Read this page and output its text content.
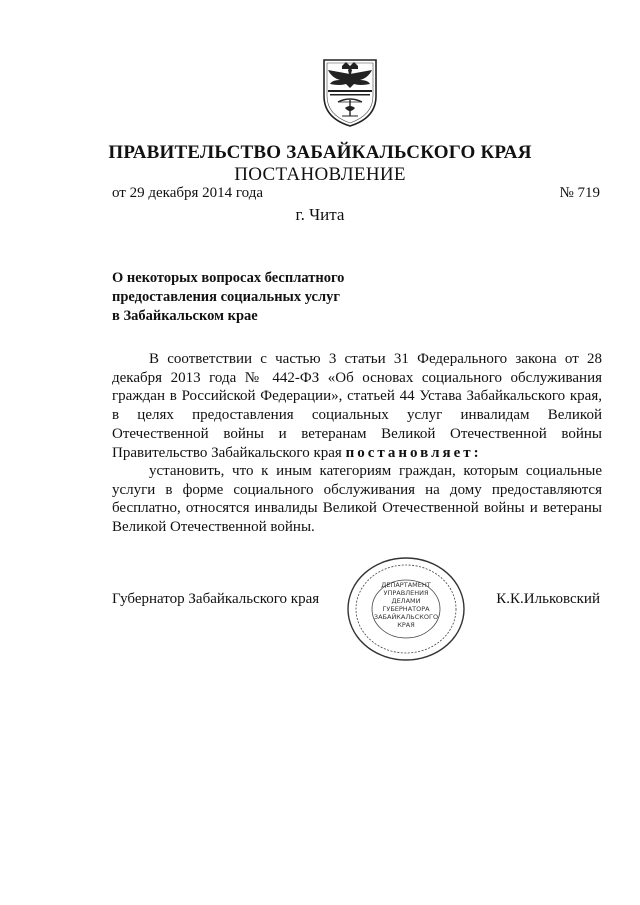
ПРАВИТЕЛЬСТВО ЗАБАЙКАЛЬСКОГО КРАЯ
ПОСТАНОВЛЕНИЕ
от 29 декабря 2014 года	№ 719
г. Чита
О некоторых вопросах бесплатного
предоставления социальных услуг
в Забайкальском крае

В соответствии с частью 3 статьи 31 Федерального закона от 28 декабря 2013 года № 442-ФЗ «Об основах социального обслуживания граждан в Российской Федерации», статьей 44 Устава Забайкальского края, в целях предоставления социальных услуг инвалидам Великой Отечественной войны и ветеранам Великой Отечественной войны Правительство Забайкальского края постановляет:

установить, что к иным категориям граждан, которым социальные услуги в форме социального обслуживания на дому предоставляются бесплатно, относятся инвалиды Великой Отечественной войны и ветераны Великой Отечественной войны.

Губернатор Забайкальского края
ДЕПАРТАМЕНТ
УПРАВЛЕНИЯ
ДЕЛАМИ
ГУБЕРНАТОРА
ЗАБАЙКАЛЬСКОГО
КРАЯ
К.К.Ильковский
